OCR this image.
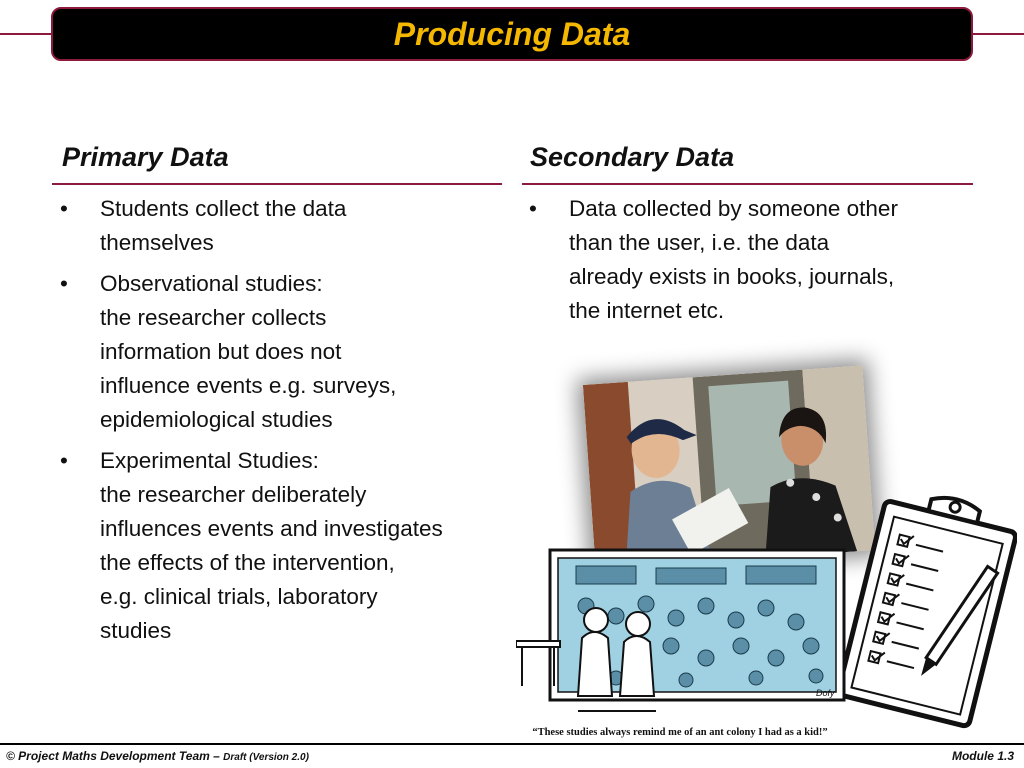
Producing Data
Primary Data
• Students collect the data
themselves
• Observational studies:
the researcher collects
information but does not
influence events e.g. surveys,
epidemiological studies
• Experimental Studies:
the researcher deliberately
influences events and investigates
the effects of the intervention,
e.g. clinical trials, laboratory
studies
Secondary Data
• Data collected by someone other
than the user, i.e. the data
already exists in books, journals,
the internet etc.
Dofy
“These studies always remind me of an ant colony I had as a kid!”
© Project Maths Development Team – Draft (Version 2.0)	Module 1.3
